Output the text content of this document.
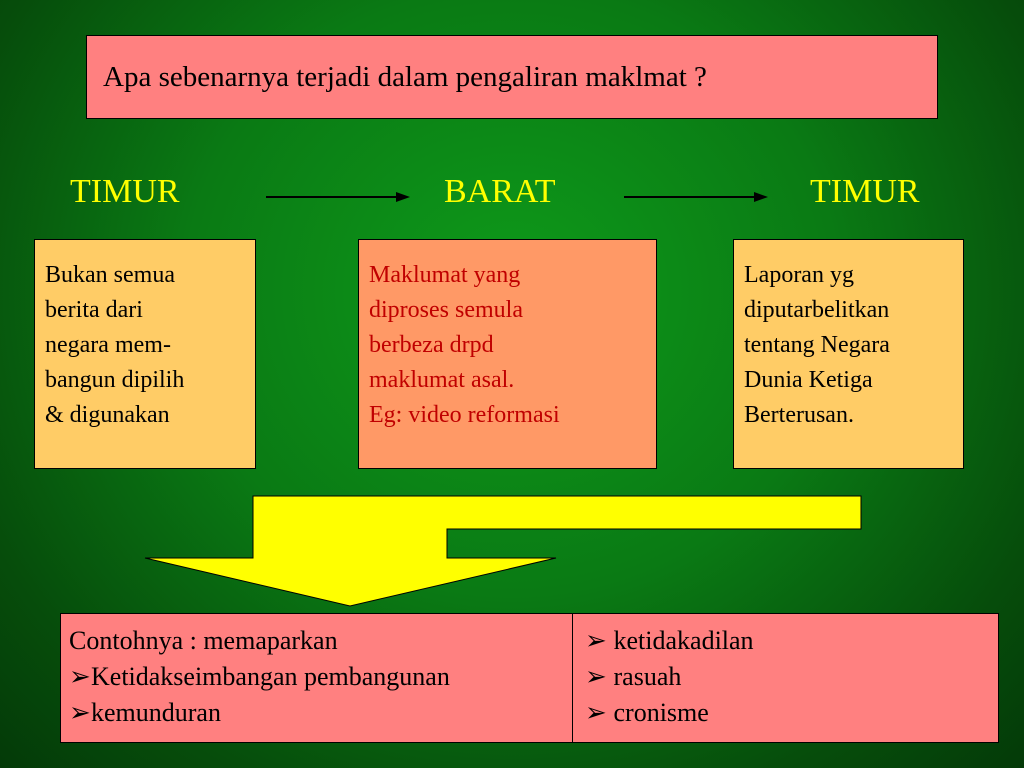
Apa sebenarnya terjadi dalam pengaliran maklmat ?
TIMUR	BARAT	TIMUR
Bukan semua
berita dari
negara mem-
bangun dipilih
& digunakan
Maklumat yang
diproses semula
berbeza drpd
maklumat asal.
Eg: video reformasi
Laporan yg
diputarbelitkan
tentang Negara
Dunia Ketiga
Berterusan.
Contohnya : memaparkan
➢Ketidakseimbangan pembangunan
➢kemunduran
➢ ketidakadilan
➢ rasuah
➢ cronisme
